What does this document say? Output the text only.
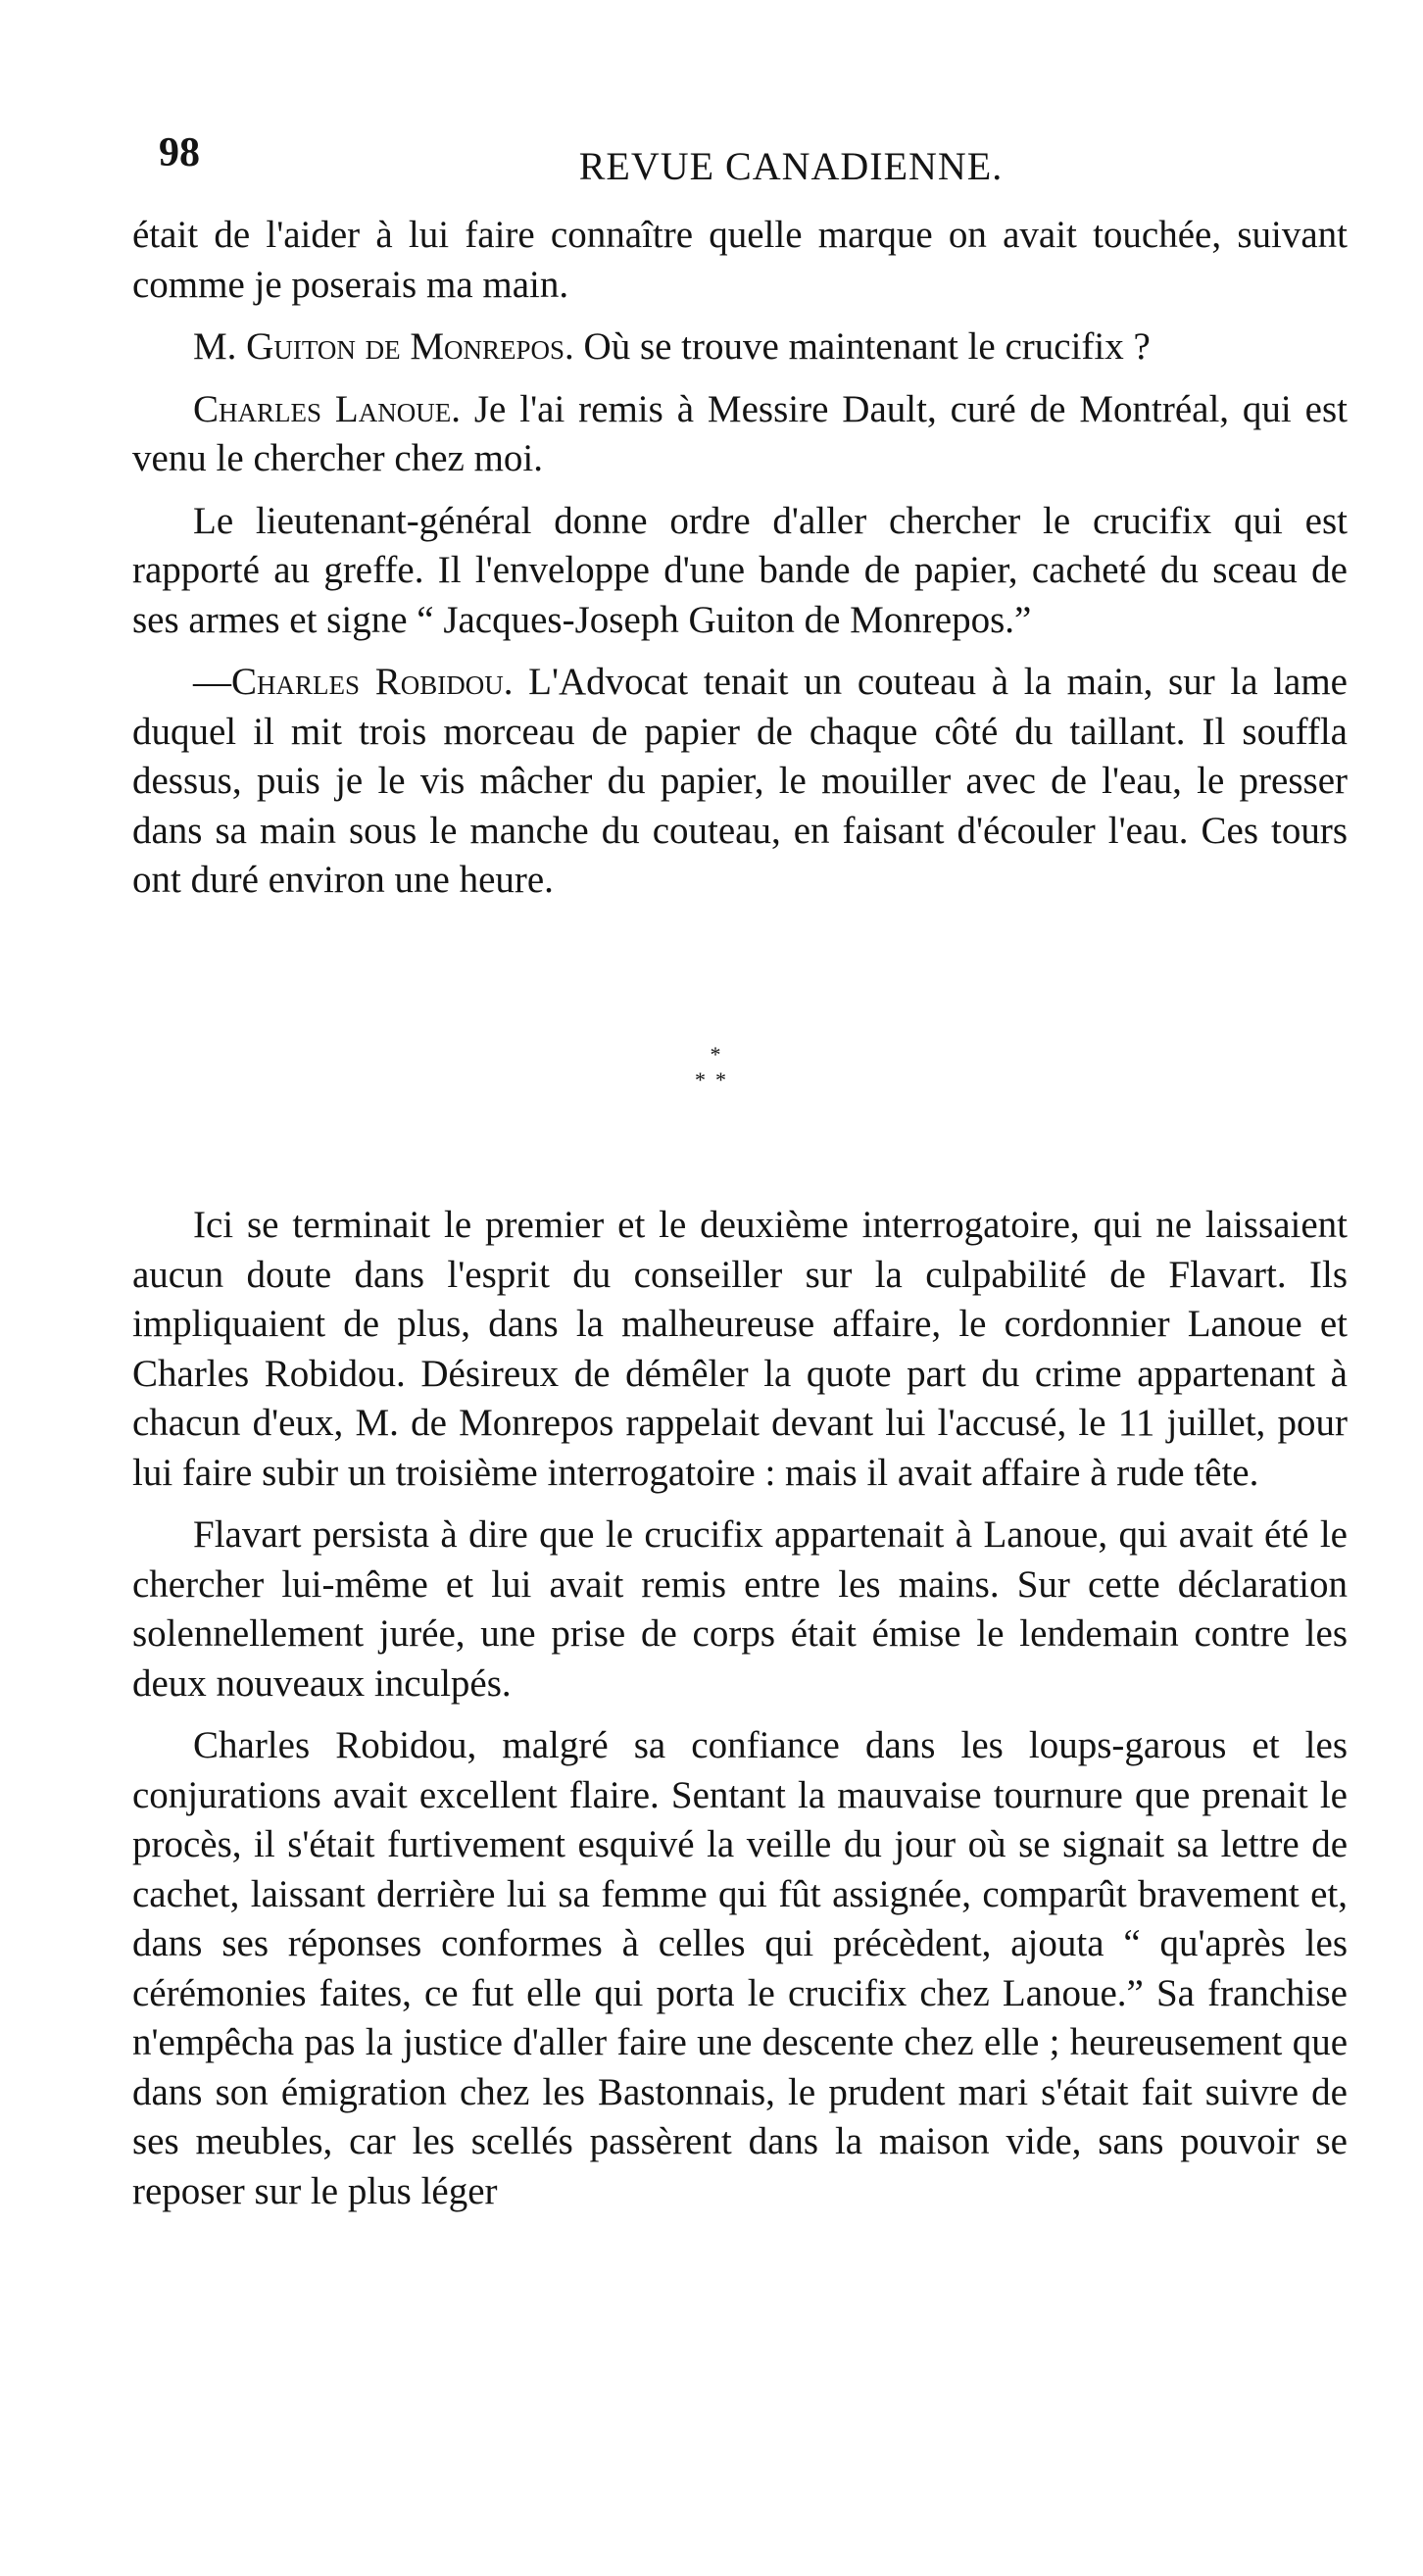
98	REVUE CANADIENNE.

était de l'aider à lui faire connaître quelle marque on avait touchée, suivant comme je poserais ma main.

M. Guiton de Monrepos. Où se trouve maintenant le crucifix ?

Charles Lanoue. Je l'ai remis à Messire Dault, curé de Montréal, qui est venu le chercher chez moi.

Le lieutenant-général donne ordre d'aller chercher le crucifix qui est rapporté au greffe. Il l'enveloppe d'une bande de papier, cacheté du sceau de ses armes et signe “ Jacques-Joseph Guiton de Monrepos.”

—Charles Robidou. L'Advocat tenait un couteau à la main, sur la lame duquel il mit trois morceau de papier de chaque côté du taillant. Il souffla dessus, puis je le vis mâcher du papier, le mouiller avec de l'eau, le presser dans sa main sous le manche du couteau, en faisant d'écouler l'eau. Ces tours ont duré environ une heure.

*
**

Ici se terminait le premier et le deuxième interrogatoire, qui ne laissaient aucun doute dans l'esprit du conseiller sur la culpabilité de Flavart. Ils impliquaient de plus, dans la malheureuse affaire, le cordonnier Lanoue et Charles Robidou. Désireux de démêler la quote part du crime appartenant à chacun d'eux, M. de Monrepos rappelait devant lui l'accusé, le 11 juillet, pour lui faire subir un troisième interrogatoire : mais il avait affaire à rude tête.

Flavart persista à dire que le crucifix appartenait à Lanoue, qui avait été le chercher lui-même et lui avait remis entre les mains. Sur cette déclaration solennellement jurée, une prise de corps était émise le lendemain contre les deux nouveaux inculpés.

Charles Robidou, malgré sa confiance dans les loups-garous et les conjurations avait excellent flaire. Sentant la mauvaise tournure que prenait le procès, il s'était furtivement esquivé la veille du jour où se signait sa lettre de cachet, laissant derrière lui sa femme qui fût assignée, comparût bravement et, dans ses réponses conformes à celles qui précèdent, ajouta “ qu'après les cérémonies faites, ce fut elle qui porta le crucifix chez Lanoue.” Sa franchise n'empêcha pas la justice d'aller faire une descente chez elle ; heureusement que dans son émigration chez les Bastonnais, le prudent mari s'était fait suivre de ses meubles, car les scellés passèrent dans la maison vide, sans pouvoir se reposer sur le plus léger
